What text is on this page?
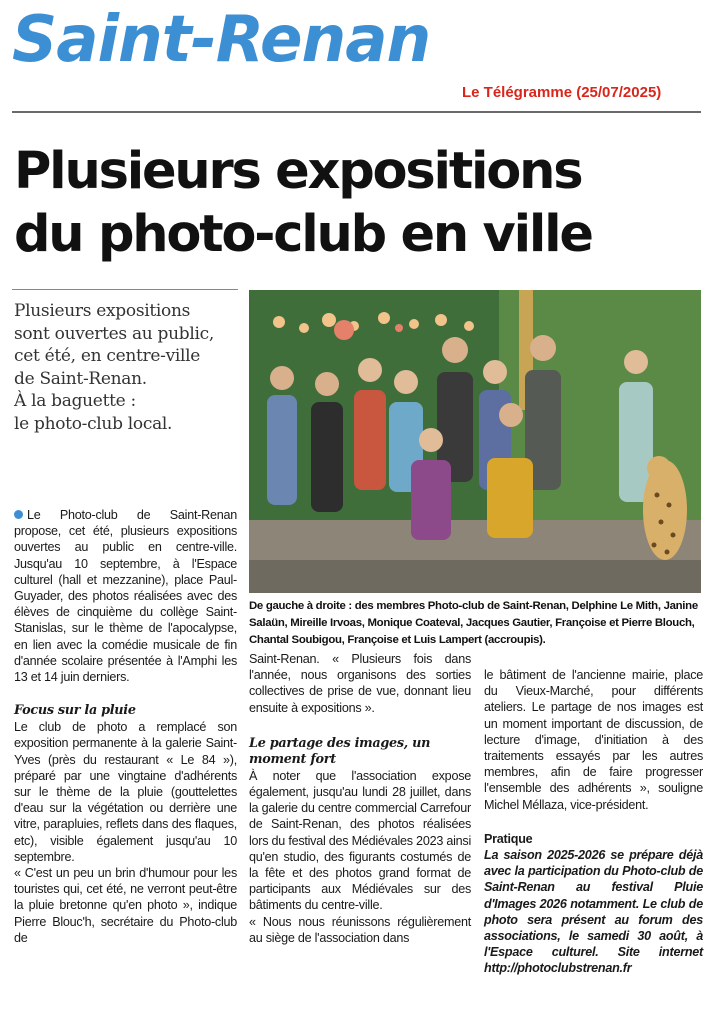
Saint-Renan
Le Télégramme (25/07/2025)
Plusieurs expositions
du photo-club en ville
Plusieurs expositions
sont ouvertes au public,
cet été, en centre-ville
de Saint-Renan.
À la baguette :
le photo-club local.
De gauche à droite : des membres Photo-club de Saint-Renan, Delphine Le Mith, Janine Salaün, Mireille Irvoas, Monique Coateval, Jacques Gautier, Françoise et Pierre Blouch, Chantal Soubigou, Françoise et Luis Lampert (accroupis).

Le Photo-club de Saint-Renan propose, cet été, plusieurs expositions ouvertes au public en centre-ville. Jusqu'au 10 septembre, à l'Espace culturel (hall et mezzanine), place Paul-Guyader, des photos réalisées avec des élèves de cinquième du collège Saint-Stanislas, sur le thème de l'apocalypse, en lien avec la comédie musicale de fin d'année scolaire présentée à l'Amphi les 13 et 14 juin derniers.

Focus sur la pluie

Le club de photo a remplacé son exposition permanente à la galerie Saint-Yves (près du restaurant « Le 84 »), préparé par une vingtaine d'adhérents sur le thème de la pluie (gouttelettes d'eau sur la végétation ou derrière une vitre, parapluies, reflets dans des flaques, etc), visible également jusqu'au 10 septembre.

« C'est un peu un brin d'humour pour les touristes qui, cet été, ne verront peut-être la pluie bretonne qu'en photo », indique Pierre Blouc'h, secrétaire du Photo-club de

Saint-Renan. « Plusieurs fois dans l'année, nous organisons des sorties collectives de prise de vue, donnant lieu ensuite à expositions ».

Le partage des images, un moment fort

À noter que l'association expose également, jusqu'au lundi 28 juillet, dans la galerie du centre commercial Carrefour de Saint-Renan, des photos réalisées lors du festival des Médiévales 2023 ainsi qu'en studio, des figurants costumés de la fête et des photos grand format de participants aux Médiévales sur des bâtiments du centre-ville.

« Nous nous réunissons régulièrement au siège de l'association dans

le bâtiment de l'ancienne mairie, place du Vieux-Marché, pour différents ateliers. Le partage de nos images est un moment important de discussion, de lecture d'image, d'initiation à des traitements essayés par les autres membres, afin de faire progresser l'ensemble des adhérents », souligne Michel Méllaza, vice-président.

Pratique

La saison 2025-2026 se prépare déjà avec la participation du Photo-club de Saint-Renan au festival Pluie d'Images 2026 notamment. Le club de photo sera présent au forum des associations, le samedi 30 août, à l'Espace culturel. Site internet http://photoclubstrenan.fr
